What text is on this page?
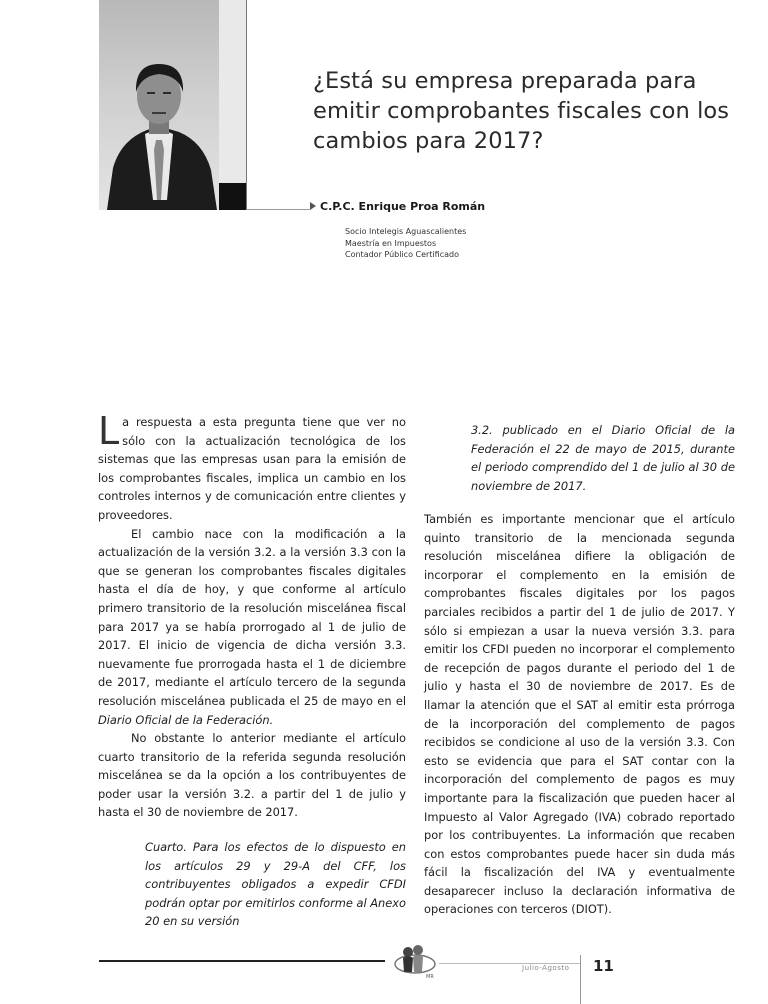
¿Está su empresa preparada para emitir comprobantes fiscales con los cambios para 2017?
C.P.C. Enrique Proa Román
Socio Intelegis Aguascalientes
Maestría en Impuestos
Contador Público Certificado

La respuesta a esta pregunta tiene que ver no sólo con la actualización tecnológica de los sistemas que las empresas usan para la emisión de los comprobantes fiscales, implica un cambio en los controles internos y de comunicación entre clientes y proveedores.

El cambio nace con la modificación a la actualización de la versión 3.2. a la versión 3.3 con la que se generan los comprobantes fiscales digitales hasta el día de hoy, y que conforme al artículo primero transitorio de la resolución miscelánea fiscal para 2017 ya se había prorrogado al 1 de julio de 2017. El inicio de vigencia de dicha versión 3.3. nuevamente fue prorrogada hasta el 1 de diciembre de 2017, mediante el artículo tercero de la segunda resolución miscelánea publicada el 25 de mayo en el Diario Oficial de la Federación.

No obstante lo anterior mediante el artículo cuarto transitorio de la referida segunda resolución miscelánea se da la opción a los contribuyentes de poder usar la versión 3.2. a partir del 1 de julio y hasta el 30 de noviembre de 2017.

Cuarto. Para los efectos de lo dispuesto en los artículos 29 y 29-A del CFF, los contribuyentes obligados a expedir CFDI podrán optar por emitirlos conforme al Anexo 20 en su versión

3.2. publicado en el Diario Oficial de la Federación el 22 de mayo de 2015, durante el periodo comprendido del 1 de julio al 30 de noviembre de 2017.

También es importante mencionar que el artículo quinto transitorio de la mencionada segunda resolución miscelánea difiere la obligación de incorporar el complemento en la emisión de comprobantes fiscales digitales por los pagos parciales recibidos a partir del 1 de julio de 2017. Y sólo si empiezan a usar la nueva versión 3.3. para emitir los CFDI pueden no incorporar el complemento de recepción de pagos durante el periodo del 1 de julio y hasta el 30 de noviembre de 2017. Es de llamar la atención que el SAT al emitir esta prórroga de la incorporación del complemento de pagos recibidos se condicione al uso de la versión 3.3. Con esto se evidencia que para el SAT contar con la incorporación del complemento de pagos es muy importante para la fiscalización que pueden hacer al Impuesto al Valor Agregado (IVA) cobrado reportado por los contribuyentes. La información que recaben con estos comprobantes puede hacer sin duda más fácil la fiscalización del IVA y eventualmente desaparecer incluso la declaración informativa de operaciones con terceros (DIOT).

MR
Julio-Agosto 11
